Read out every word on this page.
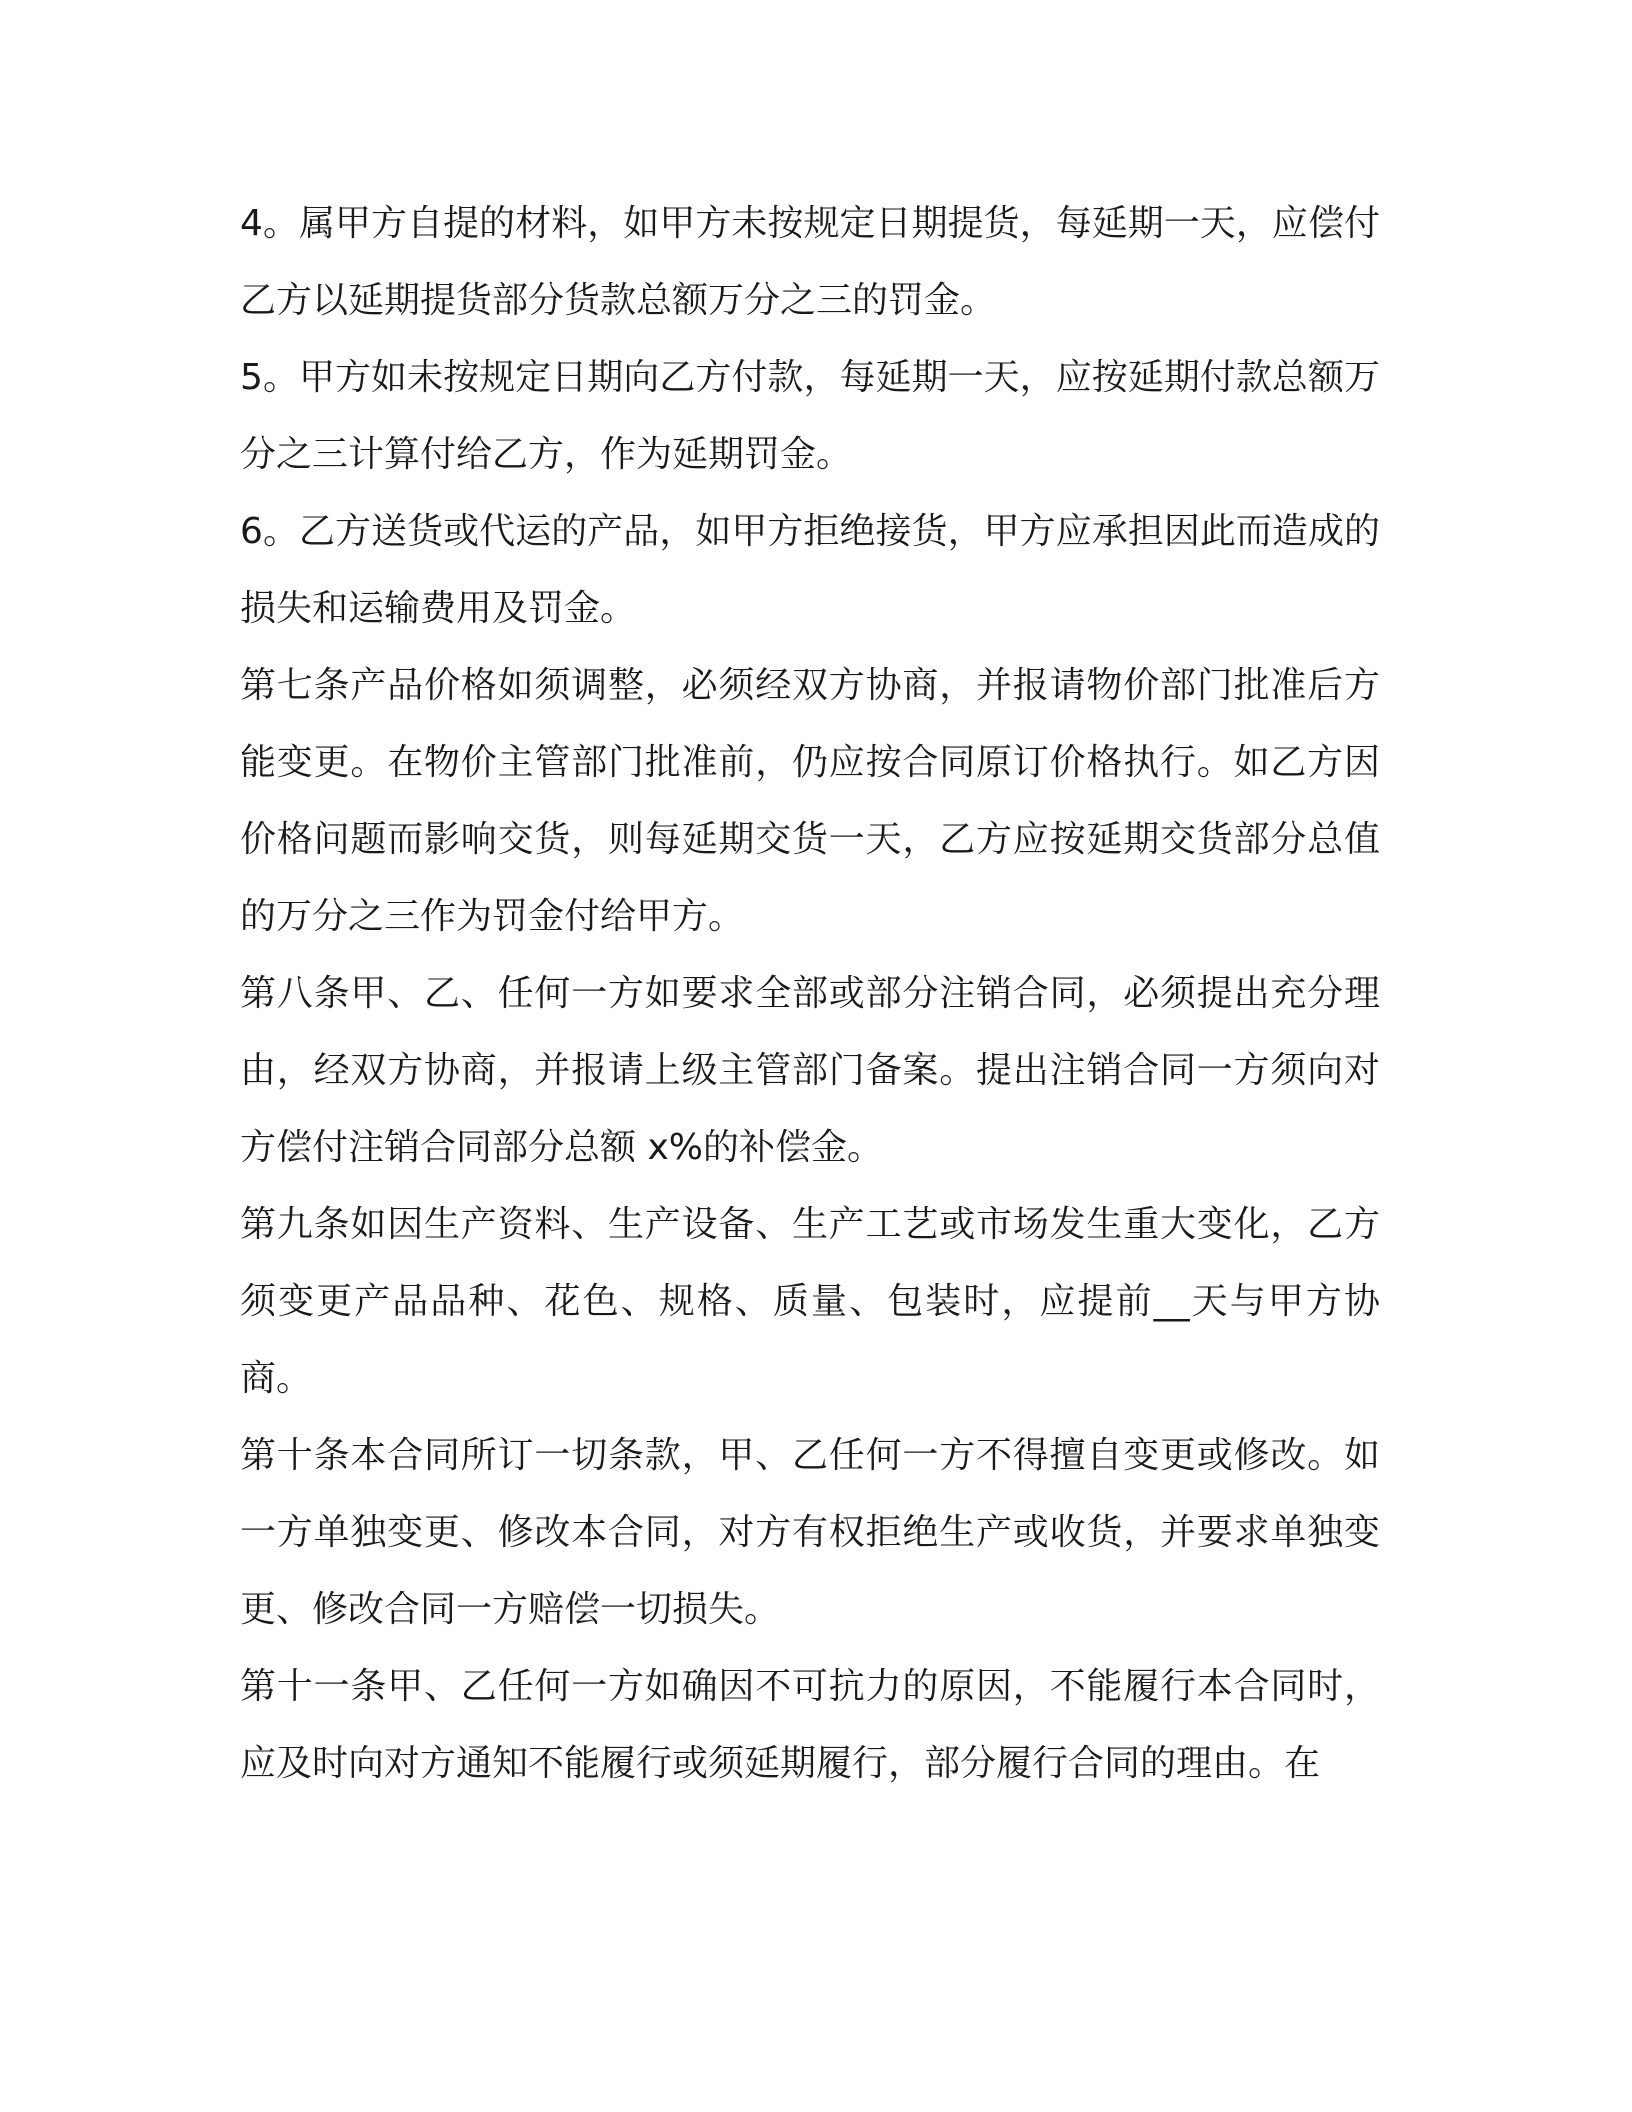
4。属甲方自提的材料，如甲方未按规定日期提货，每延期一天，应偿付乙方以延期提货部分货款总额万分之三的罚金。

5。甲方如未按规定日期向乙方付款，每延期一天，应按延期付款总额万分之三计算付给乙方，作为延期罚金。

6。乙方送货或代运的产品，如甲方拒绝接货，甲方应承担因此而造成的损失和运输费用及罚金。

第七条产品价格如须调整，必须经双方协商，并报请物价部门批准后方能变更。在物价主管部门批准前，仍应按合同原订价格执行。如乙方因价格问题而影响交货，则每延期交货一天，乙方应按延期交货部分总值的万分之三作为罚金付给甲方。

第八条甲、乙、任何一方如要求全部或部分注销合同，必须提出充分理由，经双方协商，并报请上级主管部门备案。提出注销合同一方须向对方偿付注销合同部分总额 x%的补偿金。

第九条如因生产资料、生产设备、生产工艺或市场发生重大变化，乙方须变更产品品种、花色、规格、质量、包装时，应提前__天与甲方协商。

第十条本合同所订一切条款，甲、乙任何一方不得擅自变更或修改。如一方单独变更、修改本合同，对方有权拒绝生产或收货，并要求单独变更、修改合同一方赔偿一切损失。

第十一条甲、乙任何一方如确因不可抗力的原因，不能履行本合同时，应及时向对方通知不能履行或须延期履行，部分履行合同的理由。在
